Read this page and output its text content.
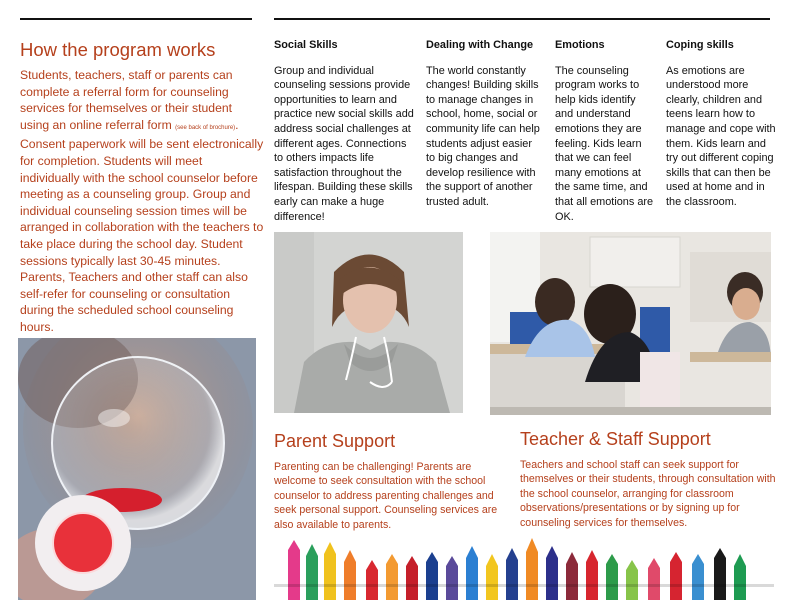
How the program works
Students, teachers, staff or parents can complete a referral form for counseling services for themselves or their student using an online referral form (see back of brochure). Consent paperwork will be sent electronically for completion. Students will meet individually with the school counselor before meeting as a counseling group. Group and individual counseling session times will be arranged in collaboration with the teachers to take place during the school day. Student sessions typically last 30-45 minutes. Parents, Teachers and other staff can also self-refer for counseling or consultation during the scheduled school counseling hours.
Social Skills

Group and individual counseling sessions provide opportunities to learn and practice new social skills add address social challenges at different ages. Connections to others impacts life satisfaction throughout the lifespan. Building these skills early can make a huge difference!

Dealing with Change

The world constantly changes! Building skills to manage changes in school, home, social or community life can help students adjust easier to big changes and develop resilience with the support of another trusted adult.

Emotions

The counseling program works to help kids identify and understand emotions they are feeling. Kids learn that we can feel many emotions at the same time, and that all emotions are OK.

Coping skills

As emotions are understood more clearly, children and teens learn how to manage and cope with them. Kids learn and try out different coping skills that can then be used at home and in the classroom.

Parent Support
Parenting can be challenging! Parents are welcome to seek consultation with the school counselor to address parenting challenges and seek personal support. Counseling services are also available to parents.
Teacher & Staff Support
Teachers and school staff can seek support for themselves or their students, through consultation with the school counselor, arranging for classroom observations/presentations or by signing up for counseling services for themselves.
